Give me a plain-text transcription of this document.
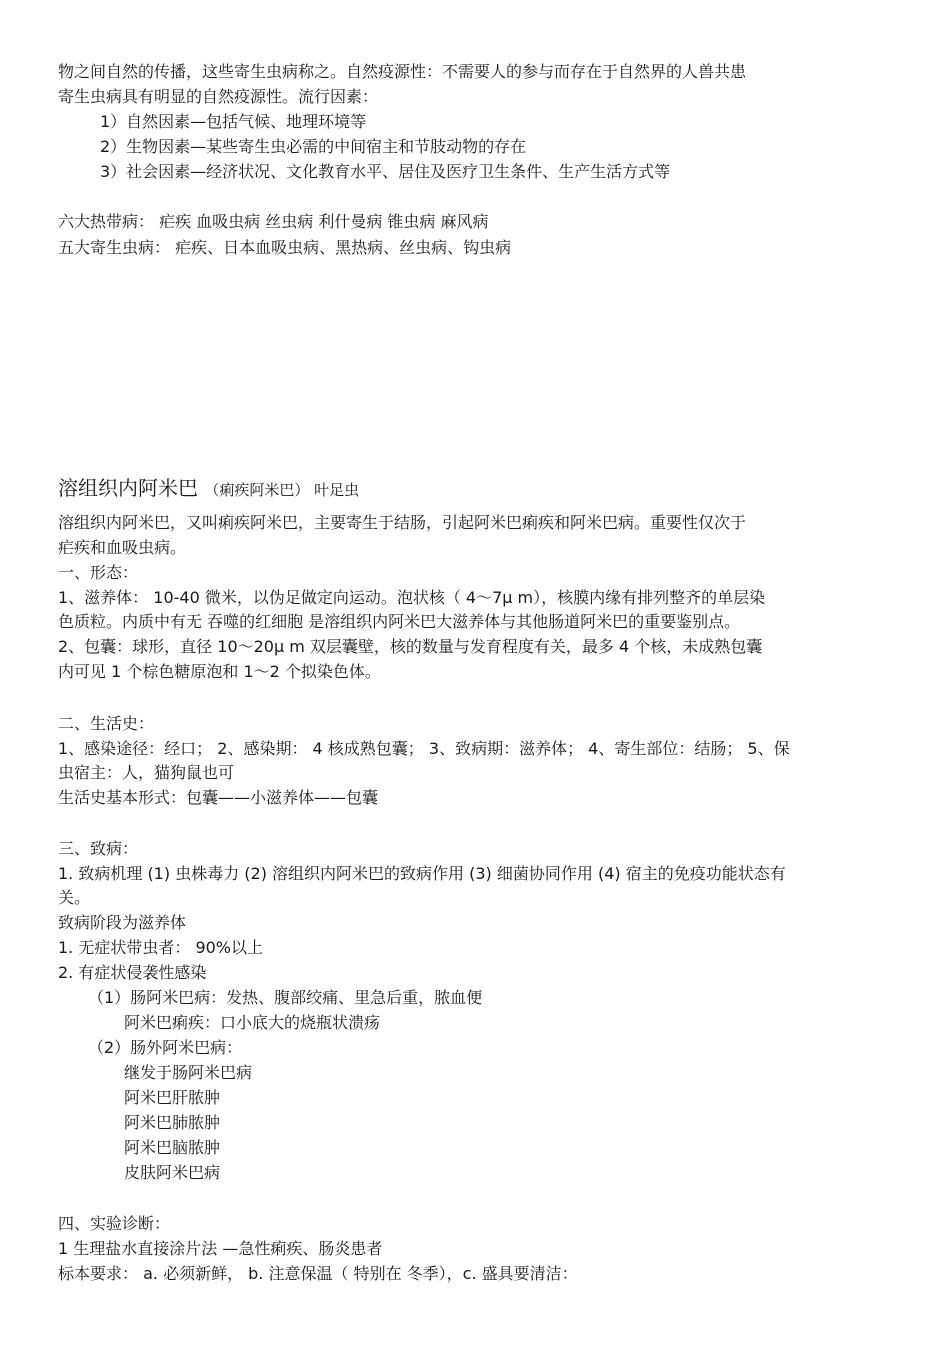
物之间自然的传播，这些寄生虫病称之。自然疫源性：不需要人的参与而存在于自然界的人兽共患
寄生虫病具有明显的自然疫源性。流行因素：
1）自然因素—包括气候、地理环境等
2）生物因素—某些寄生虫必需的中间宿主和节肢动物的存在
3）社会因素—经济状况、文化教育水平、居住及医疗卫生条件、生产生活方式等
六大热带病： 疟疾 血吸虫病 丝虫病 利什曼病 锥虫病 麻风病
五大寄生虫病： 疟疾、日本血吸虫病、黑热病、丝虫病、钩虫病
溶组织内阿米巴 （痢疾阿米巴） 叶足虫
溶组织内阿米巴，又叫痢疾阿米巴，主要寄生于结肠，引起阿米巴痢疾和阿米巴病。重要性仅次于
疟疾和血吸虫病。
一、形态：
1、滋养体： 10-40 微米，以伪足做定向运动。泡状核（ 4～7μ m），核膜内缘有排列整齐的单层染
色质粒。内质中有无 吞噬的红细胞 是溶组织内阿米巴大滋养体与其他肠道阿米巴的重要鉴别点。
2、包囊：球形，直径 10～20μ m 双层囊壁，核的数量与发育程度有关，最多 4 个核，未成熟包囊
内可见 1 个棕色糖原泡和 1～2 个拟染色体。
二、生活史：
1、感染途径：经口； 2、感染期： 4 核成熟包囊； 3、致病期：滋养体； 4、寄生部位：结肠； 5、保
虫宿主：人，猫狗鼠也可
生活史基本形式：包囊——小滋养体——包囊
三、致病：
1. 致病机理 (1) 虫株毒力 (2) 溶组织内阿米巴的致病作用 (3) 细菌协同作用 (4) 宿主的免疫功能状态有
关。
致病阶段为滋养体
1. 无症状带虫者： 90%以上
2. 有症状侵袭性感染
（1）肠阿米巴病：发热、腹部绞痛、里急后重，脓血便
阿米巴痢疾：口小底大的烧瓶状溃疡
（2）肠外阿米巴病：
继发于肠阿米巴病
阿米巴肝脓肿
阿米巴肺脓肿
阿米巴脑脓肿
皮肤阿米巴病
四、实验诊断：
1 生理盐水直接涂片法 —急性痢疾、肠炎患者
标本要求： a. 必须新鲜， b. 注意保温（ 特别在 冬季），c. 盛具要清洁：
